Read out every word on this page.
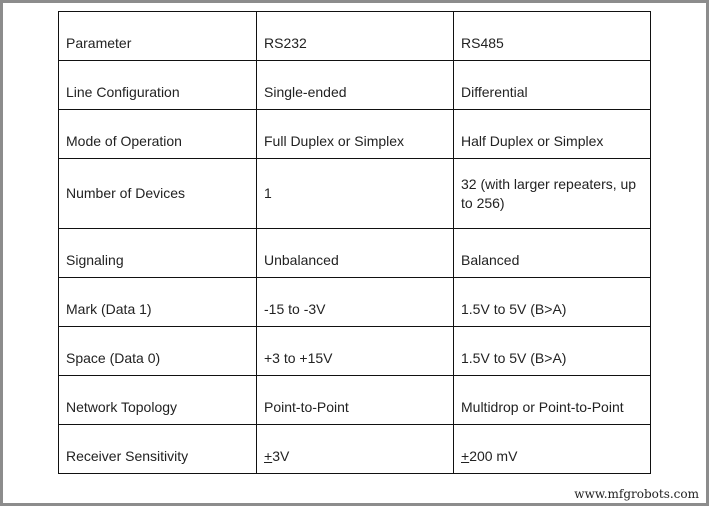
Parameter	RS232	RS485
Line Configuration	Single-ended	Differential
Mode of Operation	Full Duplex or Simplex	Half Duplex or Simplex
Number of Devices	1	32 (with larger repeaters, up to 256)
Signaling	Unbalanced	Balanced
Mark (Data 1)	-15 to -3V	1.5V to 5V (B>A)
Space (Data 0)	+3 to +15V	1.5V to 5V (B>A)
Network Topology	Point-to-Point	Multidrop or Point-to-Point
Receiver Sensitivity	+3V	+200 mV
www.mfgrobots.com
